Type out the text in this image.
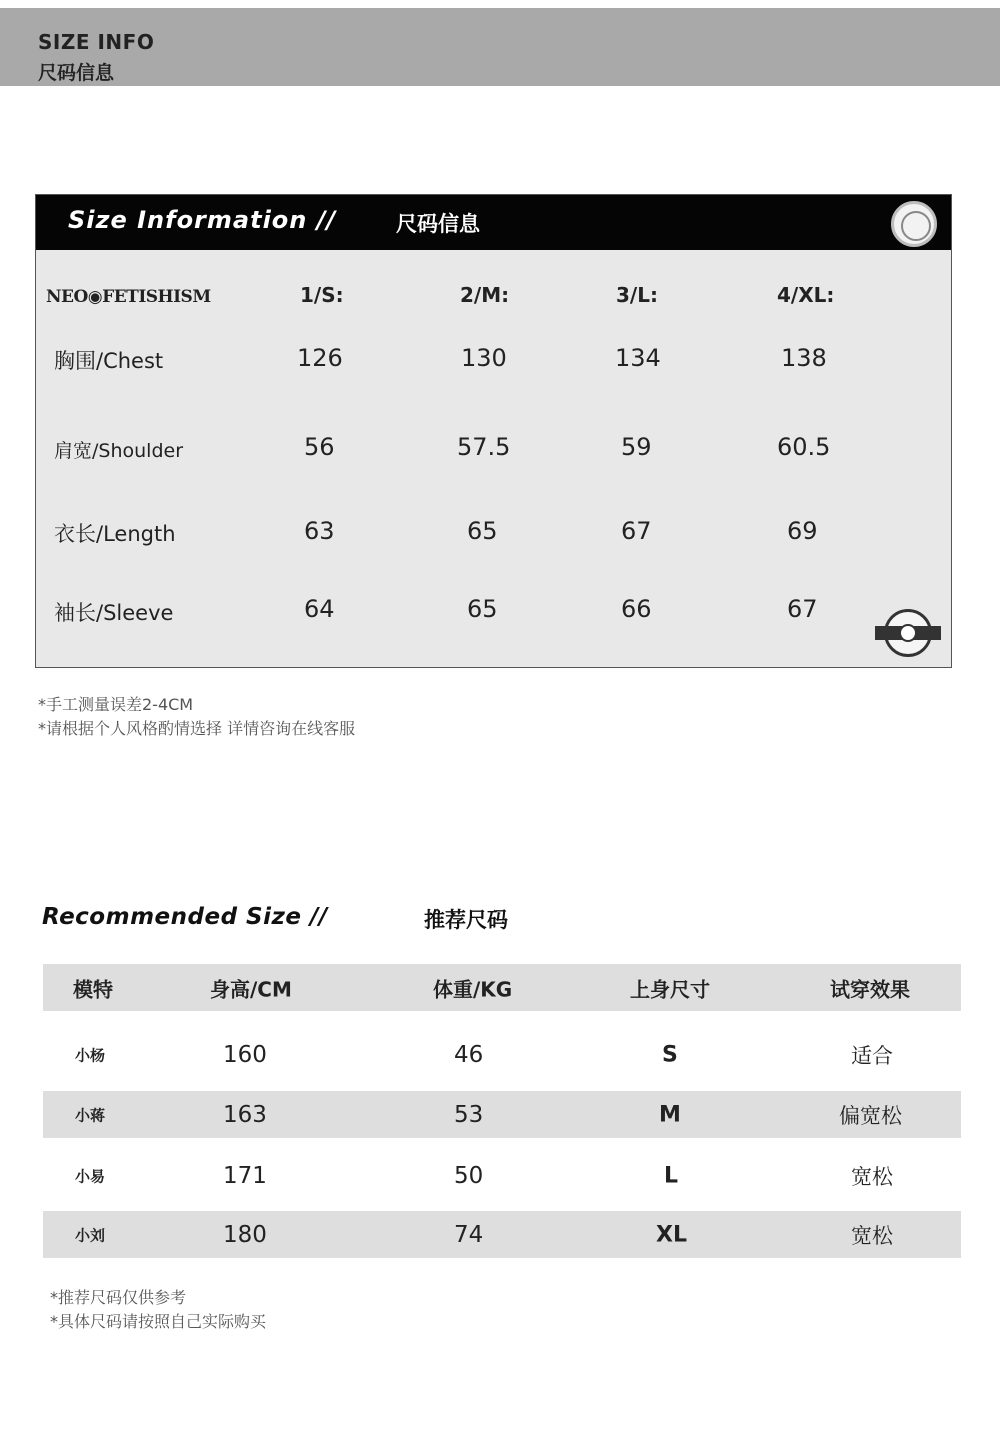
SIZE INFO
尺码信息
Size Information //	尺码信息
NEO◉FETISHISM	1/S:	2/M:	3/L:	4/XL:
胸围/Chest	126	130	134	138
肩宽/Shoulder	56	57.5	59	60.5
衣长/Length	63	65	67	69
袖长/Sleeve	64	65	66	67
*手工测量误差2-4CM
*请根据个人风格酌情选择 详情咨询在线客服
Recommended Size //	推荐尺码
模特	身高/CM	体重/KG	上身尺寸	试穿效果
小杨	160	46	S	适合
小蒋	163	53	M	偏宽松
小易	171	50	L	宽松
小刘	180	74	XL	宽松
*推荐尺码仅供参考
*具体尺码请按照自己实际购买
